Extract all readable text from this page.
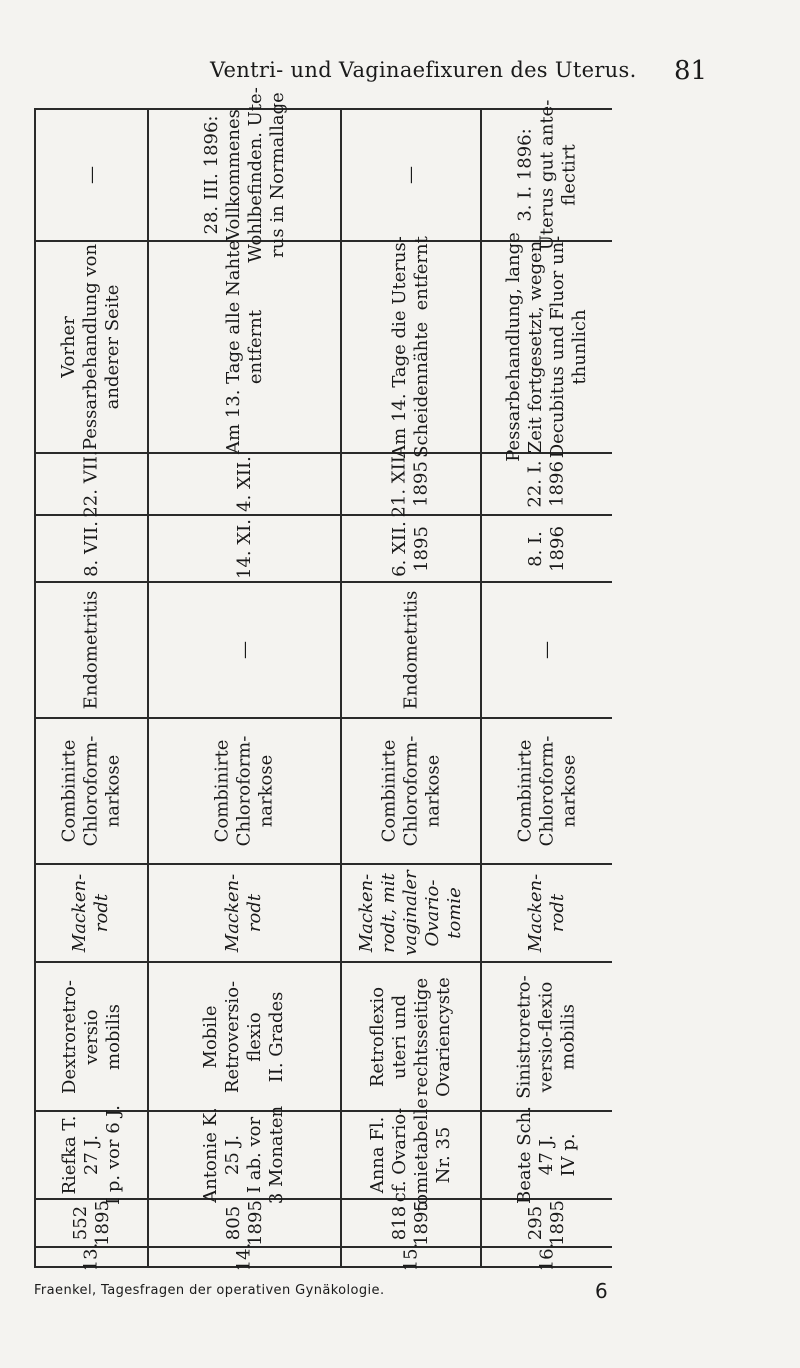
Ventri- und Vaginaefixuren des Uterus. 81
—
Vorher
Pessarbehandlung von
anderer Seite
22. VII.
8. VII.
Endometritis
Combinirte
Chloroform-
narkose
Macken-
rodt
Dextroretro-
versio
mobilis
Riefka T.
27 J.
I p. vor 6 J.
552
1895
13.
28. III. 1896:
Vollkommenes
Wohlbefinden. Ute-
rus in Normallage
Am 13. Tage alle Nahte
entfernt
4. XII.
14. XI.
—
Combinirte
Chloroform-
narkose
Macken-
rodt
Mobile
Retroversio-
flexio
II. Grades
Antonie K.
25 J.
I ab. vor
3 Monaten
805
1895
14.
—
Am 14. Tage die Uterus-
Scheidennähte  entfernt
21. XII.
1895
6. XII.
1895
Endometritis
Combinirte
Chloroform-
narkose
Macken-
rodt, mit
vaginaler
Ovario-
tomie
Retroflexio
uteri und
rechtsseitige
Ovariencyste
Anna Fl.
cf. Ovario-
tomietabelle
Nr. 35
818
1895
15.
3. I. 1896:
Uterus gut ante-
flectirt
Pessarbehandlung, lange
Zeit fortgesetzt, wegen
Decubitus und Fluor un-
thunlich
22. I.
1896
8. I.
1896
—
Combinirte
Chloroform-
narkose
Macken-
rodt
Sinistroretro-
versio-flexio
mobilis
Beate Sch.
47 J.
IV p.
295
1895
16.
Fraenkel, Tagesfragen der operativen Gynäkologie.	6
